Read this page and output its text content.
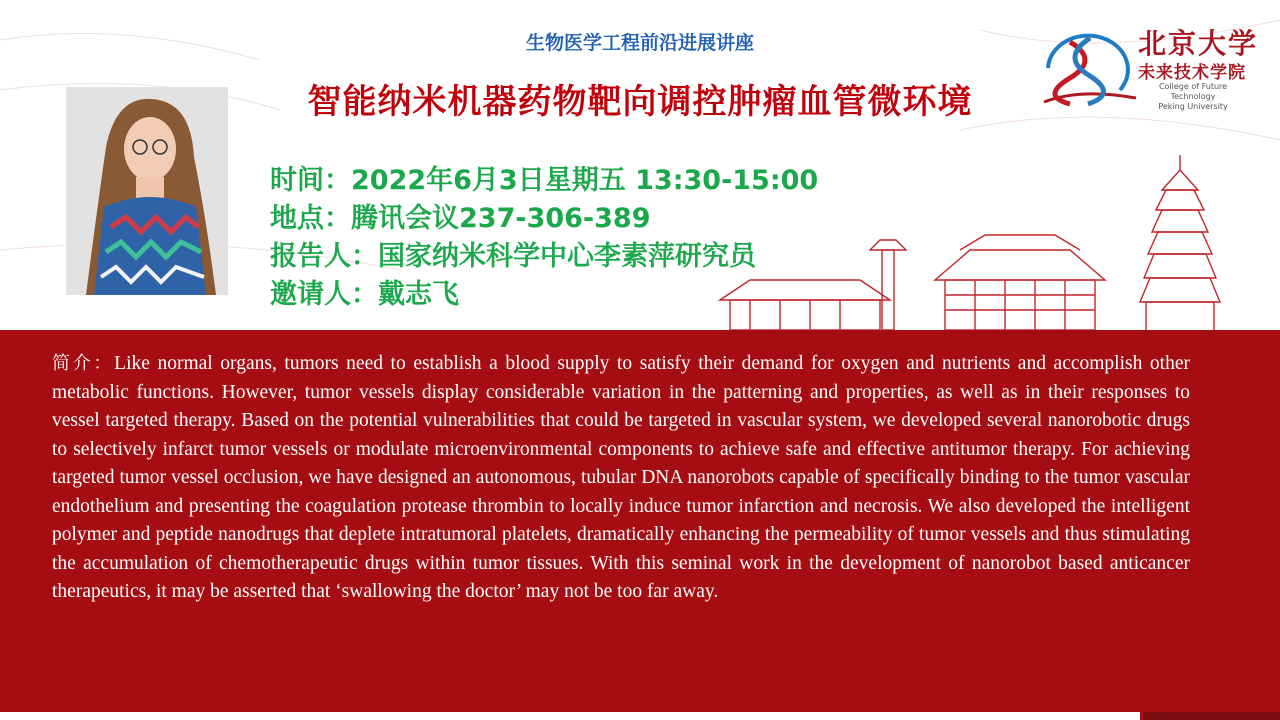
生物医学工程前沿进展讲座
智能纳米机器药物靶向调控肿瘤血管微环境
时间：2022年6月3日星期五 13:30-15:00
地点：腾讯会议237-306-389
报告人：国家纳米科学中心李素萍研究员
邀请人：戴志飞
北京大学
未来技术学院
College of Future Technology
Peking University

简介：Like normal organs, tumors need to establish a blood supply to satisfy their demand for oxygen and nutrients and accomplish other metabolic functions. However, tumor vessels display considerable variation in the patterning and properties, as well as in their responses to vessel targeted therapy. Based on the potential vulnerabilities that could be targeted in vascular system, we developed several nanorobotic drugs to selectively infarct tumor vessels or modulate microenvironmental components to achieve safe and effective antitumor therapy. For achieving targeted tumor vessel occlusion, we have designed an autonomous, tubular DNA nanorobots capable of specifically binding to the tumor vascular endothelium and presenting the coagulation protease thrombin to locally induce tumor infarction and necrosis. We also developed the intelligent polymer and peptide nanodrugs that deplete intratumoral platelets, dramatically enhancing the permeability of tumor vessels and thus stimulating the accumulation of chemotherapeutic drugs within tumor tissues. With this seminal work in the development of nanorobot based anticancer therapeutics, it may be asserted that ‘swallowing the doctor’ may not be too far away.
